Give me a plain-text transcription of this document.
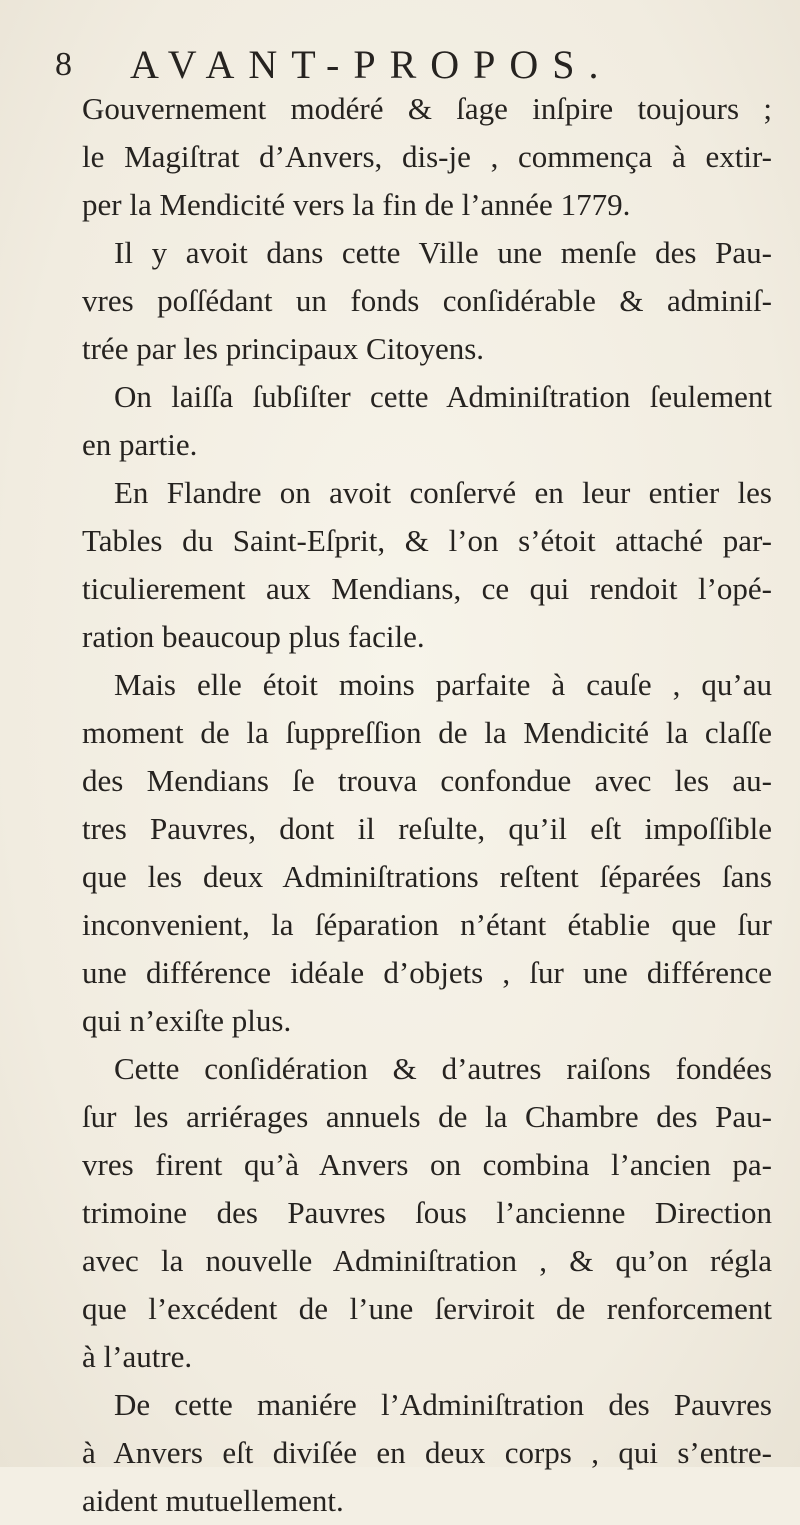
8 AVANT-PROPOS.
Gouvernement modéré & ſage inſpire toujours ;
le Magiſtrat d’Anvers, dis-je , commença à extir-
per la Mendicité vers la fin de l’année 1779.
Il y avoit dans cette Ville une menſe des Pau-
vres poſſédant un fonds conſidérable & adminiſ-
trée par les principaux Citoyens.
On laiſſa ſubſiſter cette Adminiſtration ſeulement
en partie.
En Flandre on avoit conſervé en leur entier les
Tables du Saint-Eſprit, & l’on s’étoit attaché par-
ticulierement aux Mendians, ce qui rendoit l’opé-
ration beaucoup plus facile.
Mais elle étoit moins parfaite à cauſe , qu’au
moment de la ſuppreſſion de la Mendicité la claſſe
des Mendians ſe trouva confondue avec les au-
tres Pauvres, dont il reſulte, qu’il eſt impoſſible
que les deux Adminiſtrations reſtent ſéparées ſans
inconvenient, la ſéparation n’étant établie que ſur
une différence idéale d’objets , ſur une différence
qui n’exiſte plus.
Cette conſidération & d’autres raiſons fondées
ſur les arriérages annuels de la Chambre des Pau-
vres firent qu’à Anvers on combina l’ancien pa-
trimoine des Pauvres ſous l’ancienne Direction
avec la nouvelle Adminiſtration , & qu’on régla
que l’excédent de l’une ſerviroit de renforcement
à l’autre.
De cette maniére l’Adminiſtration des Pauvres
à Anvers eſt diviſée en deux corps , qui s’entre-
aident mutuellement.
